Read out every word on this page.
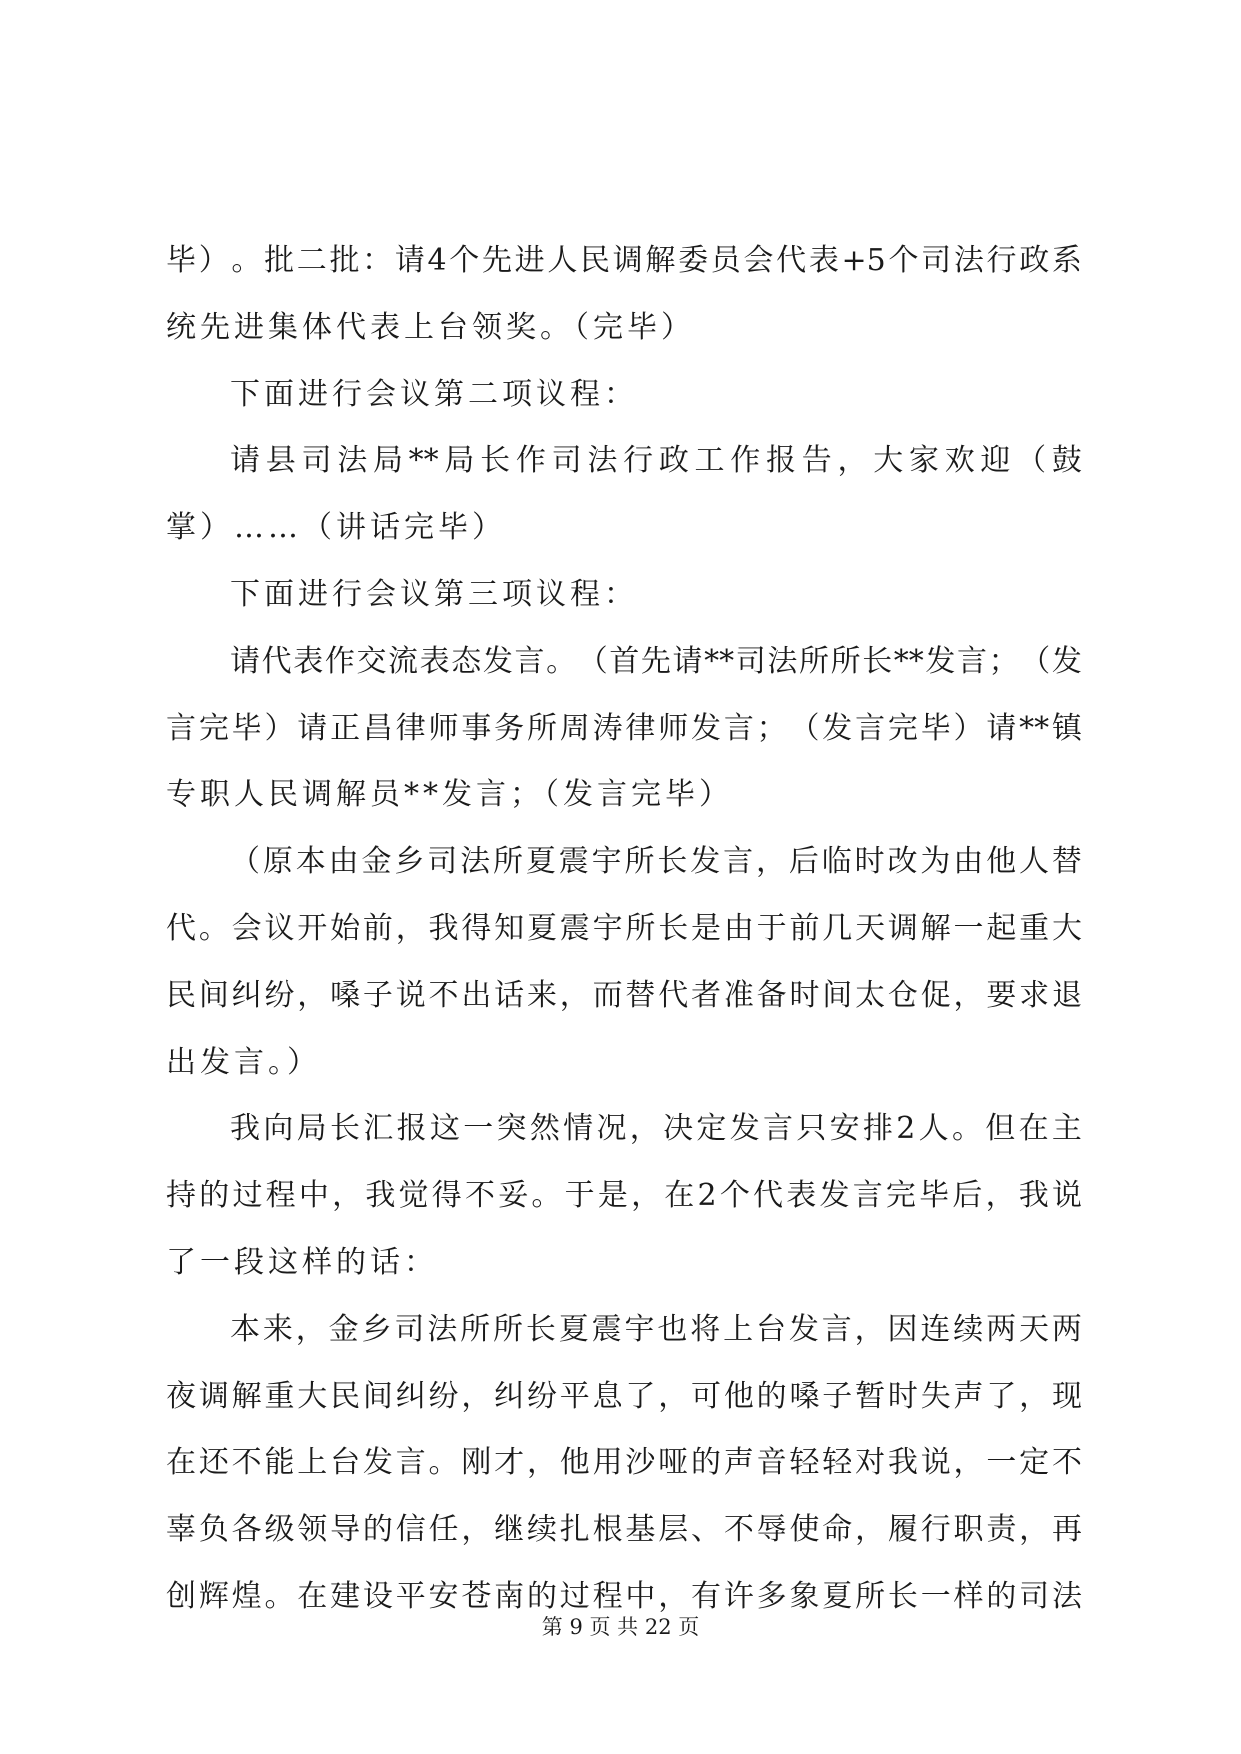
毕 ） 。 批 二 批 ： 请 4 个 先 进 人 民 调 解 委 员 会 代 表 +5 个 司 法 行 政 系
统先进集体代表上台领奖。（完毕）
下面进行会议第二项议程：
请 县 司 法 局 ** 局 长 作 司 法 行 政 工 作 报 告 ， 大 家 欢 迎 （ 鼓
掌）……（讲话完毕）
下面进行会议第三项议程：
请 代 表 作 交 流 表 态 发 言 。 （ 首 先 请 ** 司 法 所 所 长 ** 发 言 ； （ 发
言 完 毕 ） 请 正 昌 律 师 事 务 所 周 涛 律 师 发 言 ； （ 发 言 完 毕 ） 请 ** 镇
专职人民调解员**发言；（发言完毕）
（ 原 本 由 金 乡 司 法 所 夏 震 宇 所 长 发 言 ， 后 临 时 改 为 由 他 人 替
代 。 会 议 开 始 前 ， 我 得 知 夏 震 宇 所 长 是 由 于 前 几 天 调 解 一 起 重 大
民 间 纠 纷 ， 嗓 子 说 不 出 话 来 ， 而 替 代 者 准 备 时 间 太 仓 促 ， 要 求 退
出发言。）
我 向 局 长 汇 报 这 一 突 然 情 况 ， 决 定 发 言 只 安 排 2 人 。 但 在 主
持 的 过 程 中 ， 我 觉 得 不 妥 。 于 是 ， 在 2 个 代 表 发 言 完 毕 后 ， 我 说
了一段这样的话：
本 来 ， 金 乡 司 法 所 所 长 夏 震 宇 也 将 上 台 发 言 ， 因 连 续 两 天 两
夜 调 解 重 大 民 间 纠 纷 ， 纠 纷 平 息 了 ， 可 他 的 嗓 子 暂 时 失 声 了 ， 现
在 还 不 能 上 台 发 言 。 刚 才 ， 他 用 沙 哑 的 声 音 轻 轻 对 我 说 ， 一 定 不
辜 负 各 级 领 导 的 信 任 ， 继 续 扎 根 基 层 、 不 辱 使 命 ， 履 行 职 责 ， 再
创 辉 煌 。 在 建 设 平 安 苍 南 的 过 程 中 ， 有 许 多 象 夏 所 长 一 样 的 司 法
第 9 页 共 22 页
